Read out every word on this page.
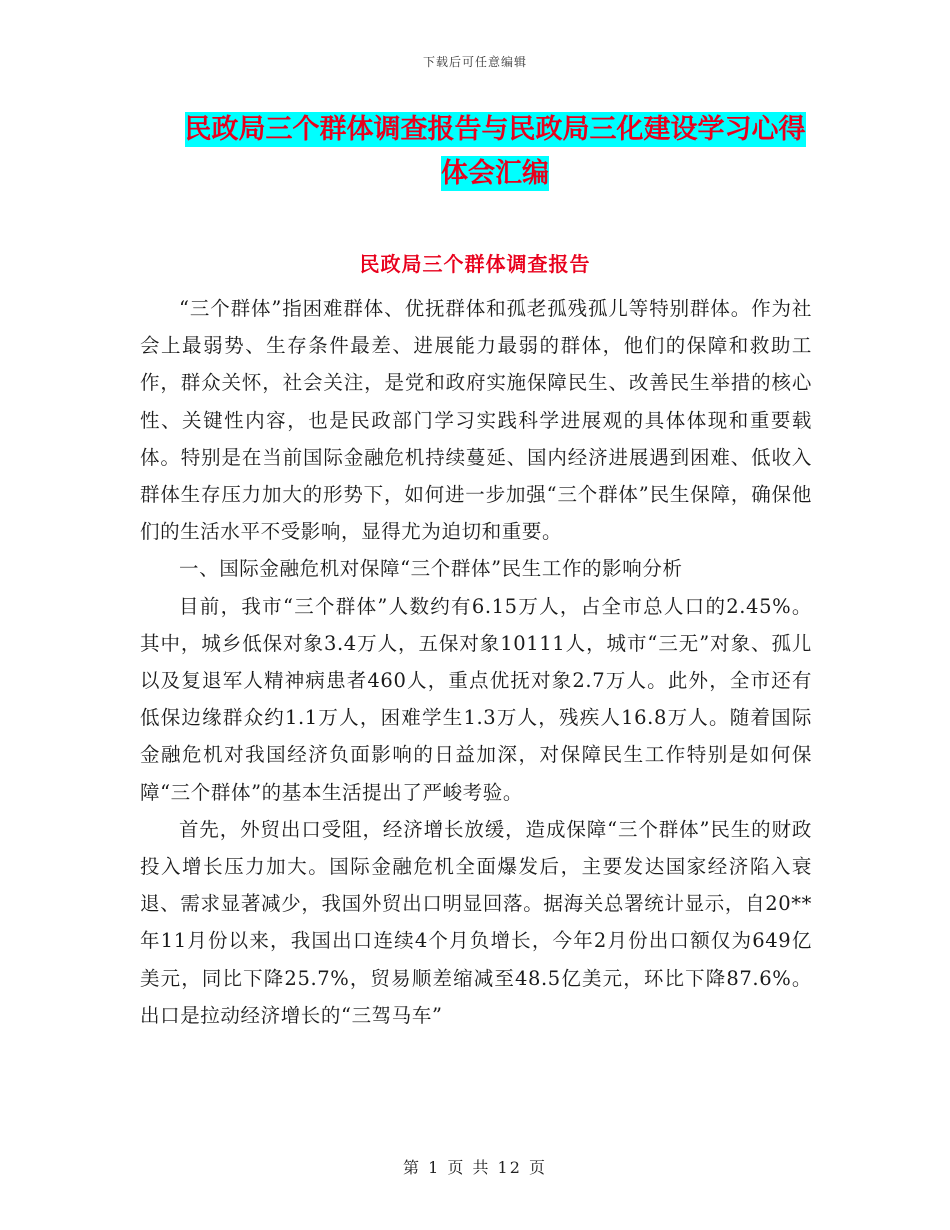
下载后可任意编辑
民政局三个群体调查报告与民政局三化建设学习心得
体会汇编
民政局三个群体调查报告

“三个群体”指困难群体、优抚群体和孤老孤残孤儿等特别群体。作为社会上最弱势、生存条件最差、进展能力最弱的群体，他们的保障和救助工作，群众关怀，社会关注，是党和政府实施保障民生、改善民生举措的核心性、关键性内容，也是民政部门学习实践科学进展观的具体体现和重要载体。特别是在当前国际金融危机持续蔓延、国内经济进展遇到困难、低收入群体生存压力加大的形势下，如何进一步加强“三个群体”民生保障，确保他们的生活水平不受影响，显得尤为迫切和重要。

一、国际金融危机对保障“三个群体”民生工作的影响分析

目前，我市“三个群体”人数约有6.15万人，占全市总人口的2.45%。其中，城乡低保对象3.4万人，五保对象10111人，城市“三无”对象、孤儿以及复退军人精神病患者460人，重点优抚对象2.7万人。此外，全市还有低保边缘群众约1.1万人，困难学生1.3万人，残疾人16.8万人。随着国际金融危机对我国经济负面影响的日益加深，对保障民生工作特别是如何保障“三个群体”的基本生活提出了严峻考验。

首先，外贸出口受阻，经济增长放缓，造成保障“三个群体”民生的财政投入增长压力加大。国际金融危机全面爆发后，主要发达国家经济陷入衰退、需求显著减少，我国外贸出口明显回落。据海关总署统计显示，自20**年11月份以来，我国出口连续4个月负增长，今年2月份出口额仅为649亿美元，同比下降25.7%，贸易顺差缩减至48.5亿美元，环比下降87.6%。出口是拉动经济增长的“三驾马车”

第 1 页 共 12 页
